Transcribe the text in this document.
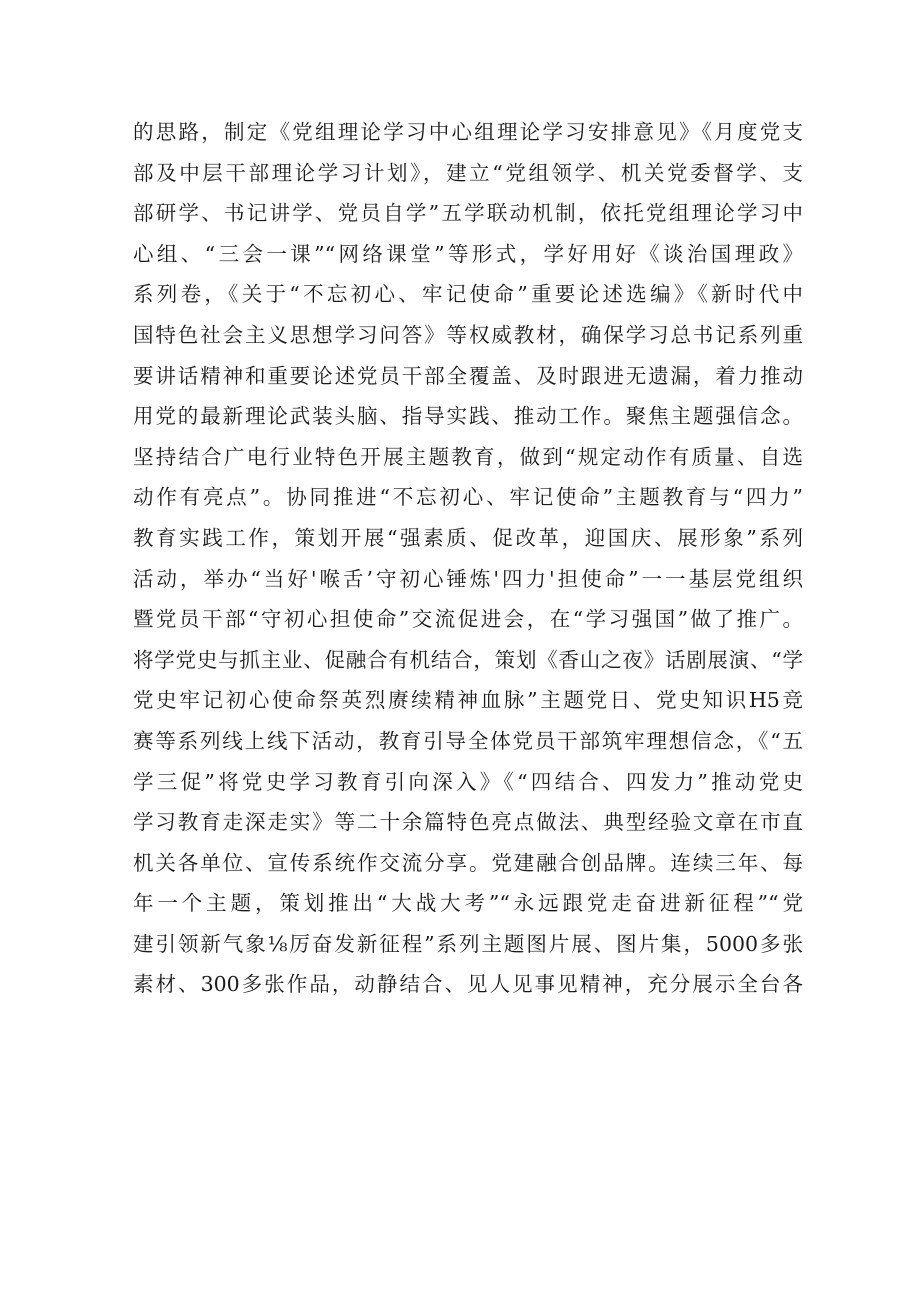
的思路，制定《党组理论学习中心组理论学习安排意见》《月度党支
部及中层干部理论学习计划》，建立“党组领学、机关党委督学、支
部研学、书记讲学、党员自学”五学联动机制，依托党组理论学习中
心组、“三会一课”“网络课堂”等形式，学好用好《谈治国理政》
系列卷，《关于“不忘初心、牢记使命”重要论述选编》《新时代中
国特色社会主义思想学习问答》等权威教材，确保学习总书记系列重
要讲话精神和重要论述党员干部全覆盖、及时跟进无遗漏，着力推动
用党的最新理论武装头脑、指导实践、推动工作。聚焦主题强信念。
坚持结合广电行业特色开展主题教育，做到“规定动作有质量、自选
动作有亮点”。协同推进“不忘初心、牢记使命”主题教育与“四力”
教育实践工作，策划开展“强素质、促改革，迎国庆、展形象”系列
活动，举办“当好'喉舌’守初心锤炼'四力'担使命”一一基层党组织
暨党员干部“守初心担使命”交流促进会，在“学习强国”做了推广。
将学党史与抓主业、促融合有机结合，策划《香山之夜》话剧展演、“学
党史牢记初心使命祭英烈赓续精神血脉”主题党日、党史知识H5竞
赛等系列线上线下活动，教育引导全体党员干部筑牢理想信念，《“五
学三促”将党史学习教育引向深入》《“四结合、四发力”推动党史
学习教育走深走实》等二十余篇特色亮点做法、典型经验文章在市直
机关各单位、宣传系统作交流分享。党建融合创品牌。连续三年、每
年一个主题，策划推出“大战大考”“永远跟党走奋进新征程”“党
建引领新气象⅛厉奋发新征程”系列主题图片展、图片集，5000多张
素材、300多张作品，动静结合、见人见事见精神，充分展示全台各
